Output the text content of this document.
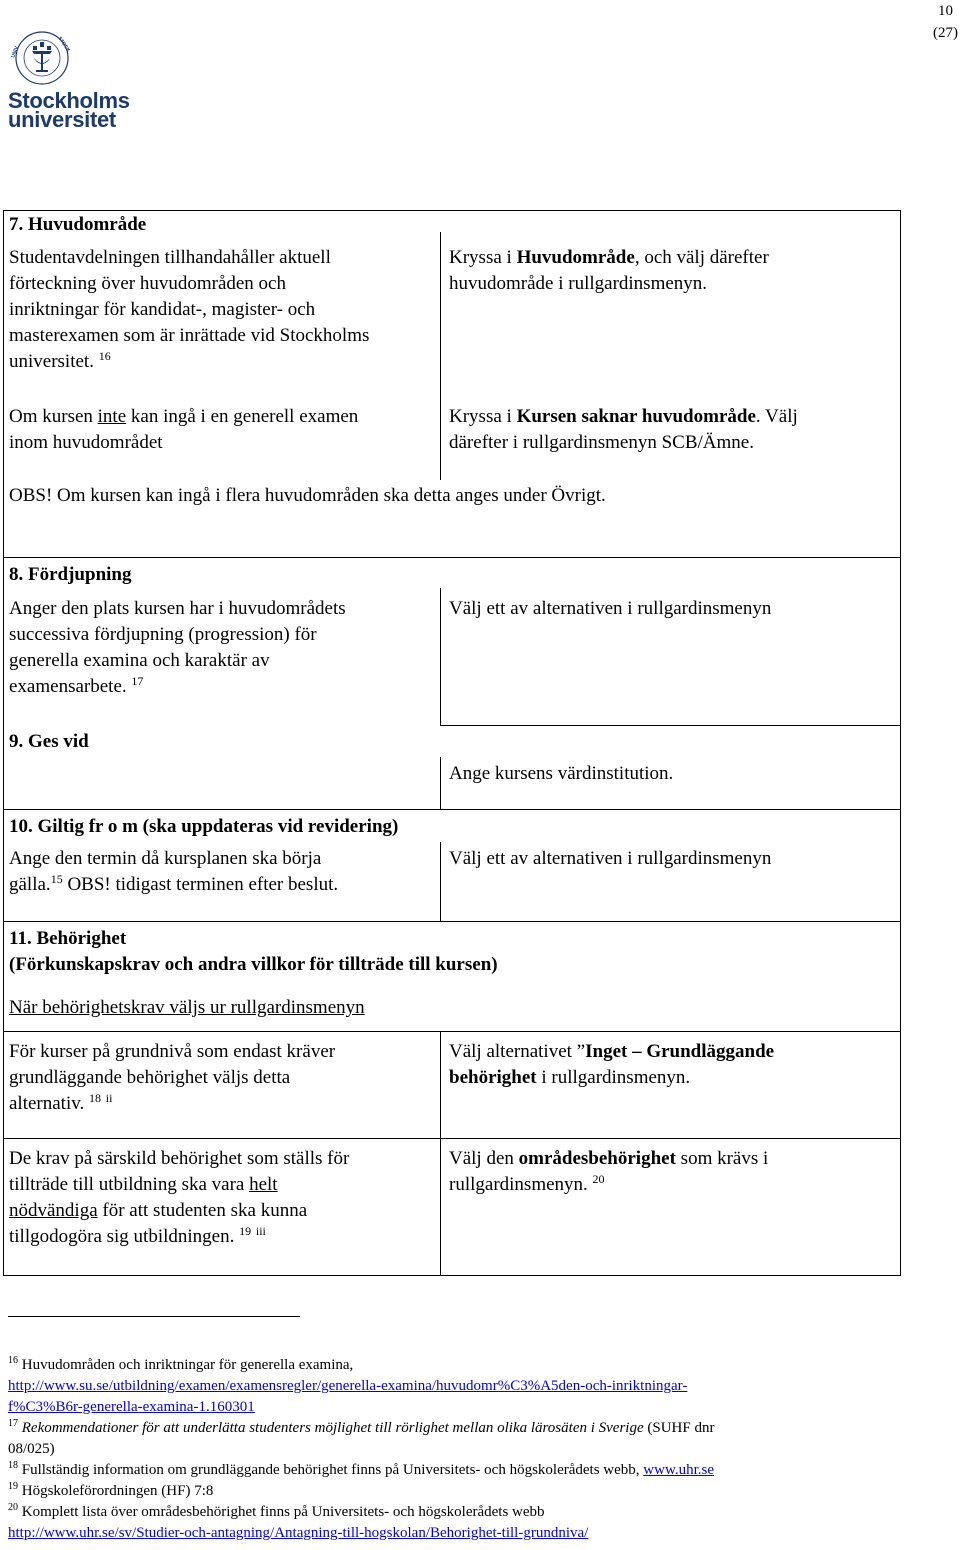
10
(27)
UNIV	STOCK
Stockholms
universitet
7. Huvudområde
Studentavdelningen tillhandahåller aktuell
förteckning över huvudområden och
inriktningar för kandidat-, magister- och
masterexamen som är inrättade vid Stockholms
universitet. $^{16}$
Kryssa i Huvudområde, och välj därefter
huvudområde i rullgardinsmenyn.
Om kursen inte kan ingå i en generell examen
inom huvudområdet
Kryssa i Kursen saknar huvudområde. Välj
därefter i rullgardinsmenyn SCB/Ämne.
OBS! Om kursen kan ingå i flera huvudområden ska detta anges under Övrigt.
8. Fördjupning
Anger den plats kursen har i huvudområdets
successiva fördjupning (progression) för
generella examina och karaktär av
examensarbete. $^{17}$
Välj ett av alternativen i rullgardinsmenyn
9. Ges vid
Ange kursens värdinstitution.
10. Giltig fr o m (ska uppdateras vid revidering)
Ange den termin då kursplanen ska börja
gälla.$^{15}$ OBS! tidigast terminen efter beslut.
Välj ett av alternativen i rullgardinsmenyn
11. Behörighet
(Förkunskapskrav och andra villkor för tillträde till kursen)
När behörighetskrav väljs ur rullgardinsmenyn
För kurser på grundnivå som endast kräver
grundläggande behörighet väljs detta
alternativ. $^{18}$ $^{ii}$
Välj alternativet ”Inget – Grundläggande
behörighet i rullgardinsmenyn.
De krav på särskild behörighet som ställs för
tillträde till utbildning ska vara helt
nödvändiga för att studenten ska kunna
tillgodogöra sig utbildningen. $^{19}$ $^{iii}$
Välj den områdesbehörighet som krävs i
rullgardinsmenyn. $^{20}$
$^{16}$ Huvudområden och inriktningar för generella examina,
http://www.su.se/utbildning/examen/examensregler/generella-examina/huvudomr%C3%A5den-och-inriktningar-
f%C3%B6r-generella-examina-1.160301
$^{17}$ Rekommendationer för att underlätta studenters möjlighet till rörlighet mellan olika lärosäten i Sverige (SUHF dnr
08/025)
$^{18}$ Fullständig information om grundläggande behörighet finns på Universitets- och högskolerådets webb, www.uhr.se
$^{19}$ Högskoleförordningen (HF) 7:8
$^{20}$ Komplett lista över områdesbehörighet finns på Universitets- och högskolerådets webb
http://www.uhr.se/sv/Studier-och-antagning/Antagning-till-hogskolan/Behorighet-till-grundniva/
